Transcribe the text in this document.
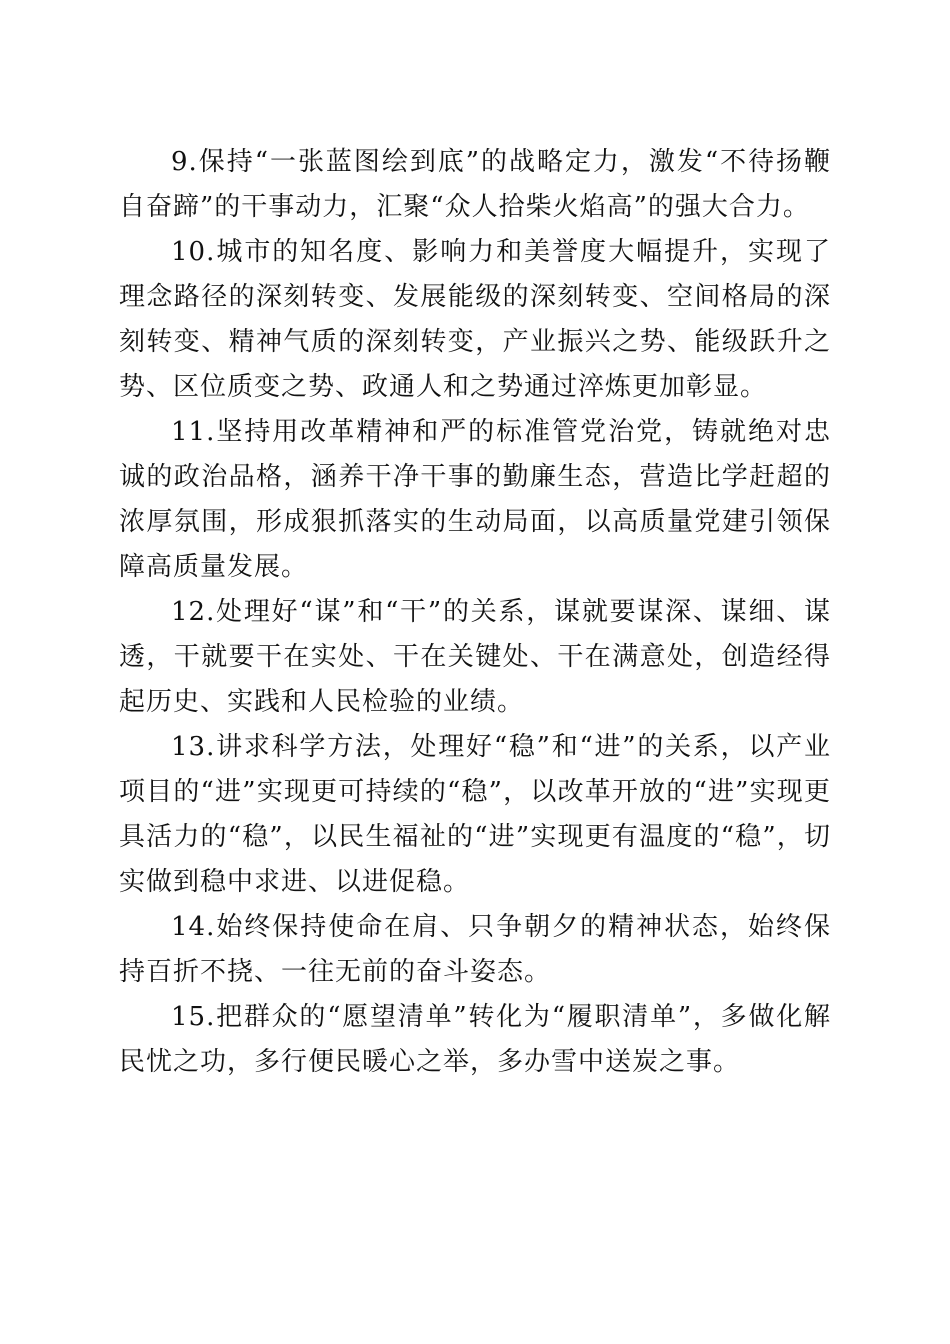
9.保持“一张蓝图绘到底”的战略定力，激发“不待扬鞭自奋蹄”的干事动力，汇聚“众人拾柴火焰高”的强大合力。

10.城市的知名度、影响力和美誉度大幅提升，实现了理念路径的深刻转变、发展能级的深刻转变、空间格局的深刻转变、精神气质的深刻转变，产业振兴之势、能级跃升之势、区位质变之势、政通人和之势通过淬炼更加彰显。

11.坚持用改革精神和严的标准管党治党，铸就绝对忠诚的政治品格，涵养干净干事的勤廉生态，营造比学赶超的浓厚氛围，形成狠抓落实的生动局面，以高质量党建引领保障高质量发展。

12.处理好“谋”和“干”的关系，谋就要谋深、谋细、谋透，干就要干在实处、干在关键处、干在满意处，创造经得起历史、实践和人民检验的业绩。

13.讲求科学方法，处理好“稳”和“进”的关系，以产业项目的“进”实现更可持续的“稳”，以改革开放的“进”实现更具活力的“稳”，以民生福祉的“进”实现更有温度的“稳”，切实做到稳中求进、以进促稳。

14.始终保持使命在肩、只争朝夕的精神状态，始终保持百折不挠、一往无前的奋斗姿态。

15.把群众的“愿望清单”转化为“履职清单”，多做化解民忧之功，多行便民暖心之举，多办雪中送炭之事。
